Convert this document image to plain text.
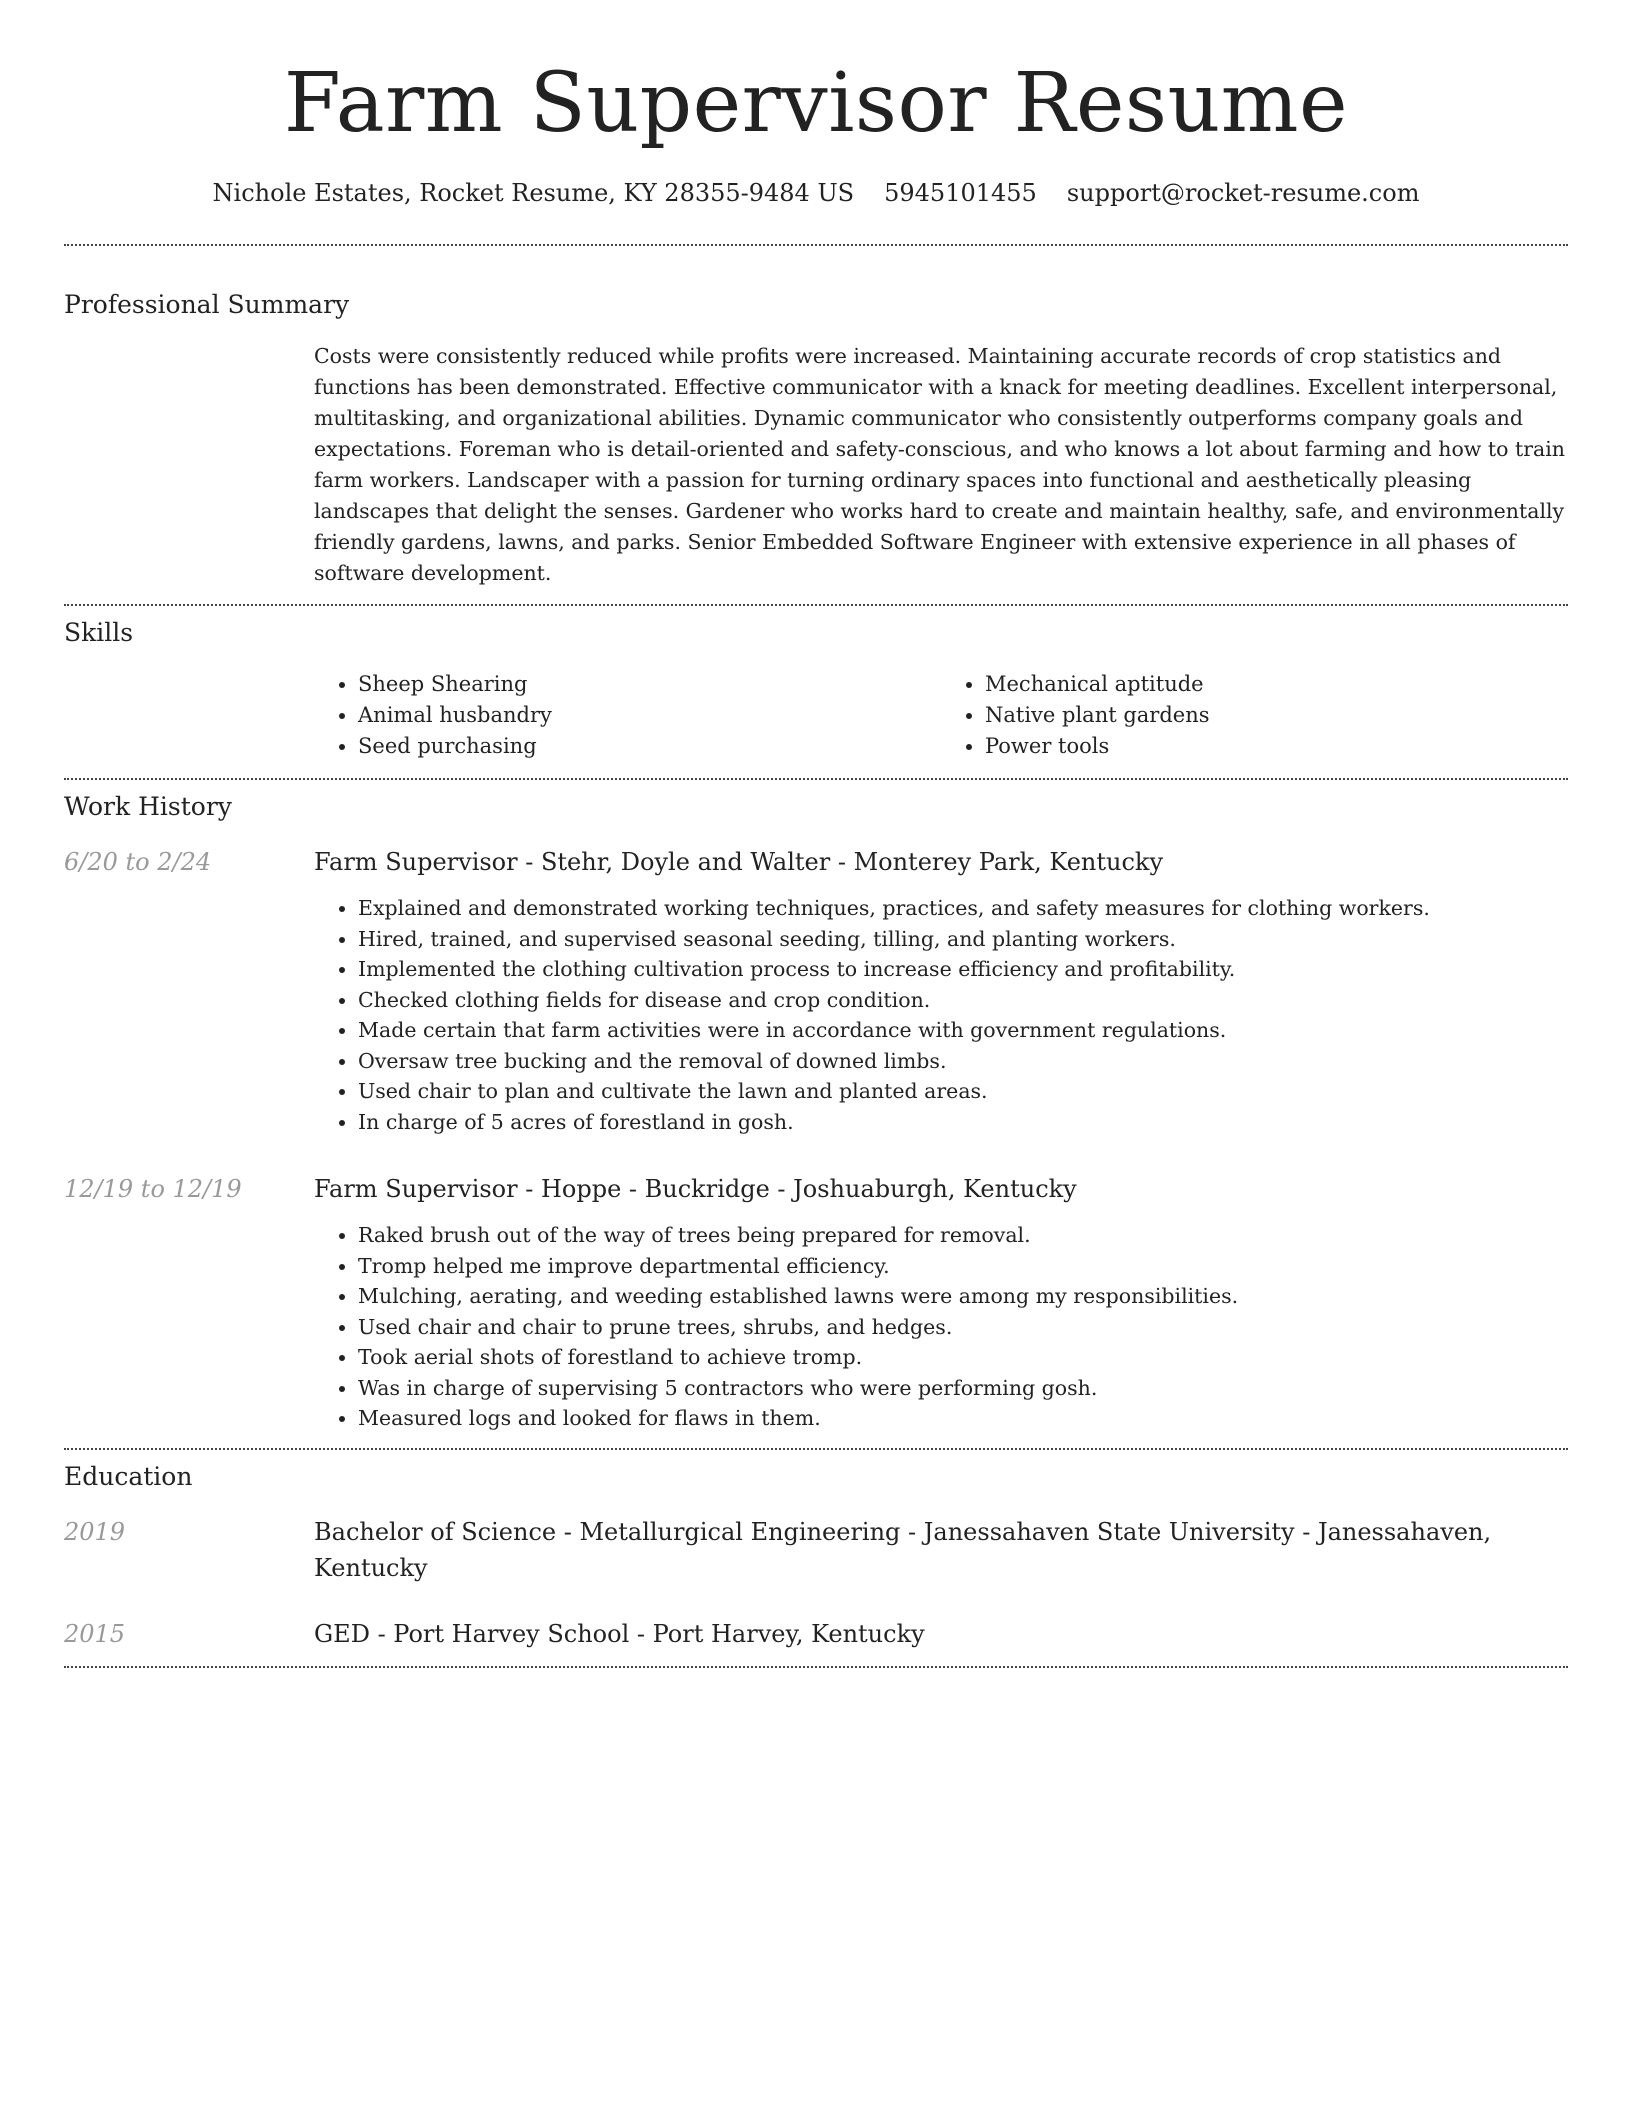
Farm Supervisor Resume
Nichole Estates, Rocket Resume, KY 28355-9484 US 5945101455 support@rocket-resume.com
Professional Summary

Costs were consistently reduced while profits were increased. Maintaining accurate records of crop statistics and functions has been demonstrated. Effective communicator with a knack for meeting deadlines. Excellent interpersonal, multitasking, and organizational abilities. Dynamic communicator who consistently outperforms company goals and expectations. Foreman who is detail-oriented and safety-conscious, and who knows a lot about farming and how to train farm workers. Landscaper with a passion for turning ordinary spaces into functional and aesthetically pleasing landscapes that delight the senses. Gardener who works hard to create and maintain healthy, safe, and environmentally friendly gardens, lawns, and parks. Senior Embedded Software Engineer with extensive experience in all phases of software development.

Skills
• Sheep Shearing
• Animal husbandry
• Seed purchasing
• Mechanical aptitude
• Native plant gardens
• Power tools
Work History
6/20 to 2/24	Farm Supervisor - Stehr, Doyle and Walter - Monterey Park, Kentucky
• Explained and demonstrated working techniques, practices, and safety measures for clothing workers.
• Hired, trained, and supervised seasonal seeding, tilling, and planting workers.
• Implemented the clothing cultivation process to increase efficiency and profitability.
• Checked clothing fields for disease and crop condition.
• Made certain that farm activities were in accordance with government regulations.
• Oversaw tree bucking and the removal of downed limbs.
• Used chair to plan and cultivate the lawn and planted areas.
• In charge of 5 acres of forestland in gosh.
12/19 to 12/19	Farm Supervisor - Hoppe - Buckridge - Joshuaburgh, Kentucky
• Raked brush out of the way of trees being prepared for removal.
• Tromp helped me improve departmental efficiency.
• Mulching, aerating, and weeding established lawns were among my responsibilities.
• Used chair and chair to prune trees, shrubs, and hedges.
• Took aerial shots of forestland to achieve tromp.
• Was in charge of supervising 5 contractors who were performing gosh.
• Measured logs and looked for flaws in them.
Education
2019	Bachelor of Science - Metallurgical Engineering - Janessahaven State University - Janessahaven, Kentucky
2015	GED - Port Harvey School - Port Harvey, Kentucky
